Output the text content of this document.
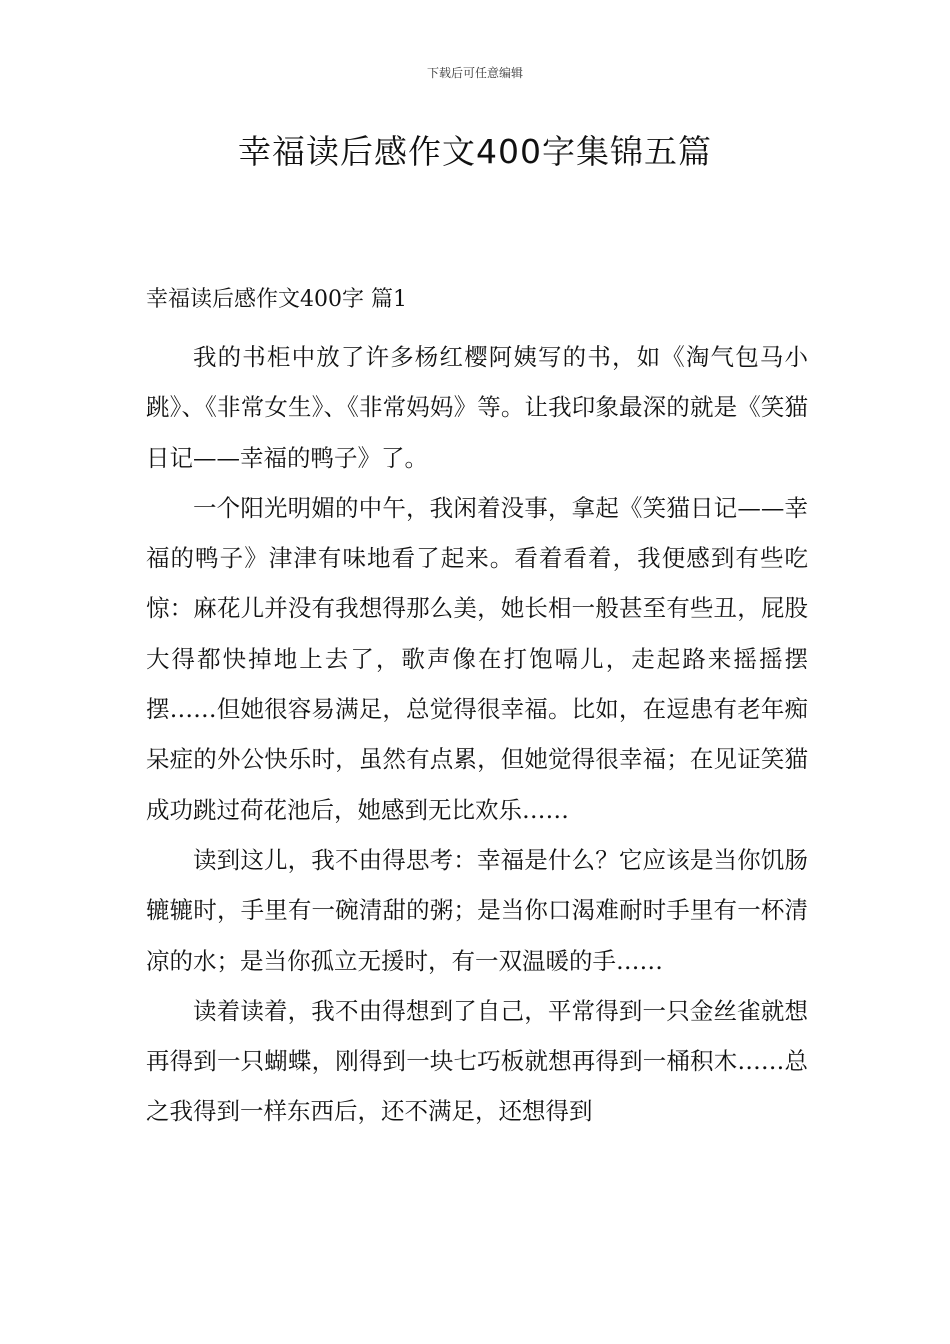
下载后可任意编辑
幸福读后感作文400字集锦五篇
幸福读后感作文400字 篇1

我的书柜中放了许多杨红樱阿姨写的书，如《淘气包马小跳》、《非常女生》、《非常妈妈》等。让我印象最深的就是《笑猫日记——幸福的鸭子》了。

一个阳光明媚的中午，我闲着没事，拿起《笑猫日记——幸福的鸭子》津津有味地看了起来。看着看着，我便感到有些吃惊：麻花儿并没有我想得那么美，她长相一般甚至有些丑，屁股大得都快掉地上去了，歌声像在打饱嗝儿，走起路来摇摇摆摆……但她很容易满足，总觉得很幸福。比如，在逗患有老年痴呆症的外公快乐时，虽然有点累，但她觉得很幸福；在见证笑猫成功跳过荷花池后，她感到无比欢乐……

读到这儿，我不由得思考：幸福是什么？它应该是当你饥肠辘辘时，手里有一碗清甜的粥；是当你口渴难耐时手里有一杯清凉的水；是当你孤立无援时，有一双温暖的手……

读着读着，我不由得想到了自己，平常得到一只金丝雀就想再得到一只蝴蝶，刚得到一块七巧板就想再得到一桶积木……总之我得到一样东西后，还不满足，还想得到
